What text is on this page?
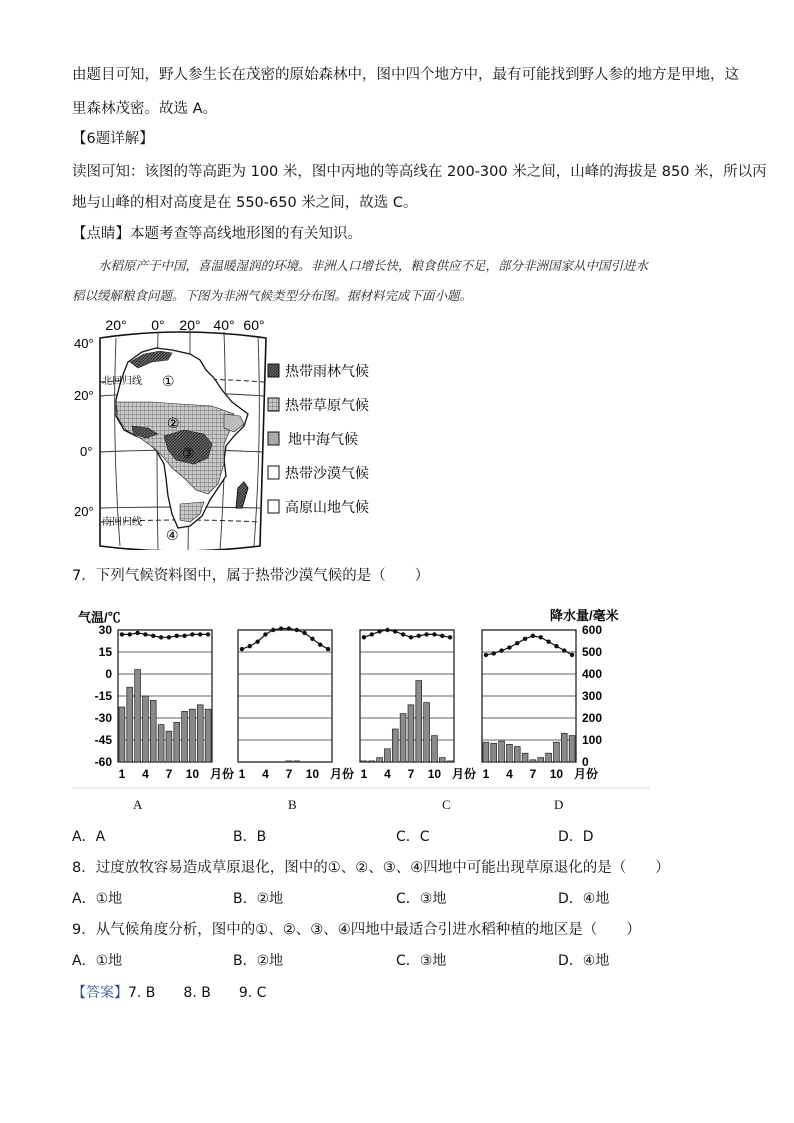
由题目可知，野人参生长在茂密的原始森林中，图中四个地方中，最有可能找到野人参的地方是甲地，这
里森林茂密。故选 A。
【6题详解】
读图可知：该图的等高距为 100 米，图中丙地的等高线在 200-300 米之间，山峰的海拔是 850 米，所以丙
地与山峰的相对高度是在 550-650 米之间，故选 C。
【点睛】本题考查等高线地形图的有关知识。
水稻原产于中国，喜温暖湿润的环境。非洲人口增长快，粮食供应不足，部分非洲国家从中国引进水
稻以缓解粮食问题。下图为非洲气候类型分布图。据材料完成下面小题。
20° 0° 20° 40° 60°
40°
20°
0°
20°
北回归线
南回归线
①
②
③
④
热带雨林气候
热带草原气候
地中海气候
热带沙漠气候
高原山地气候
7．下列气候资料图中，属于热带沙漠气候的是（　　）
气温/℃	降水量/毫米
30
15
0
-15
-30
-45
-60
600
500
400
300
200
100
0
1 4 7 10 月份 1 4 7 10 月份 1 4 7 10 月份 1 4 7 10 月份
A	B	C	D
A．A	B．B	C．C	D．D
8．过度放牧容易造成草原退化，图中的①、②、③、④四地中可能出现草原退化的是（　　）
A．①地	B．②地	C．③地	D．④地
9．从气候角度分析，图中的①、②、③、④四地中最适合引进水稻种植的地区是（　　）
A．①地	B．②地	C．③地	D．④地
【答案】7. B　　8. B　　9. C
